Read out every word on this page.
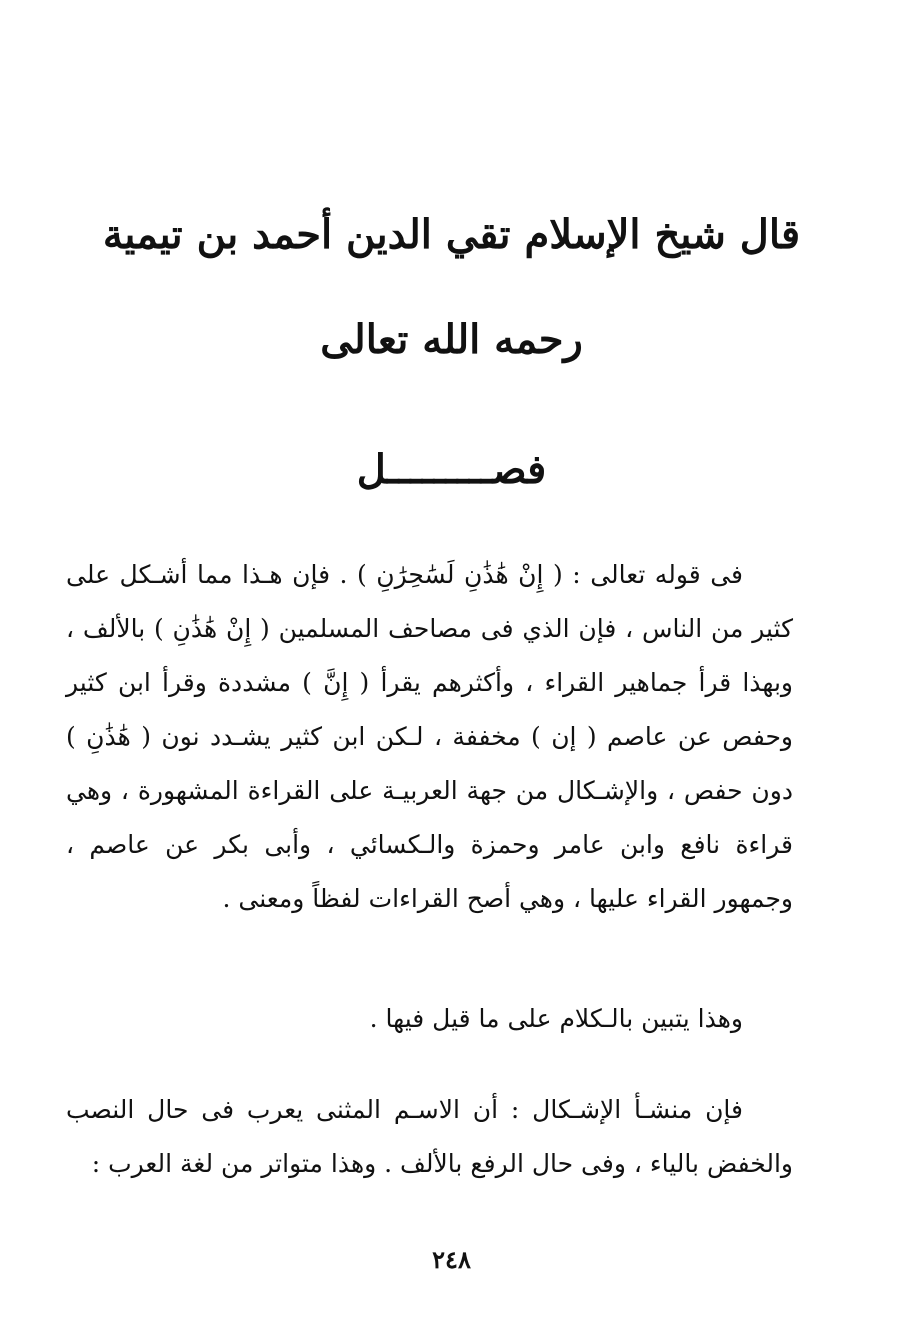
قال شيخ الإسلام تقي الدين أحمد بن تيمية
رحمه الله تعالى
فصـــــــــل

فى قوله تعالى : ( إِنْ هَٰذَٰنِ لَسَٰحِرَٰنِ ) . فإن هـذا مما أشـكل على كثير من الناس ، فإن الذي فى مصاحف المسلمين ( إِنْ هَٰذَٰنِ ) بالألف ، وبهذا قرأ جماهير القراء ، وأكثرهم يقرأ ( إِنَّ ) مشددة وقرأ ابن كثير وحفص عن عاصم ( إن ) مخففة ، لـكن ابن كثير يشـدد نون ( هَٰذَٰنِ ) دون حفص ، والإشـكال من جهة العربيـة على القراءة المشهورة ، وهي قراءة نافع وابن عامر وحمزة والـكسائي ، وأبى بكر عن عاصم ، وجمهور القراء عليها ، وهي أصح القراءات لفظاً ومعنى .

وهذا يتبين بالـكلام على ما قيل فيها .

فإن منشـأ الإشـكال : أن الاسـم المثنى يعرب فى حال النصب والخفض بالياء ، وفى حال الرفع بالألف . وهذا متواتر من لغة العرب :

٢٤٨
